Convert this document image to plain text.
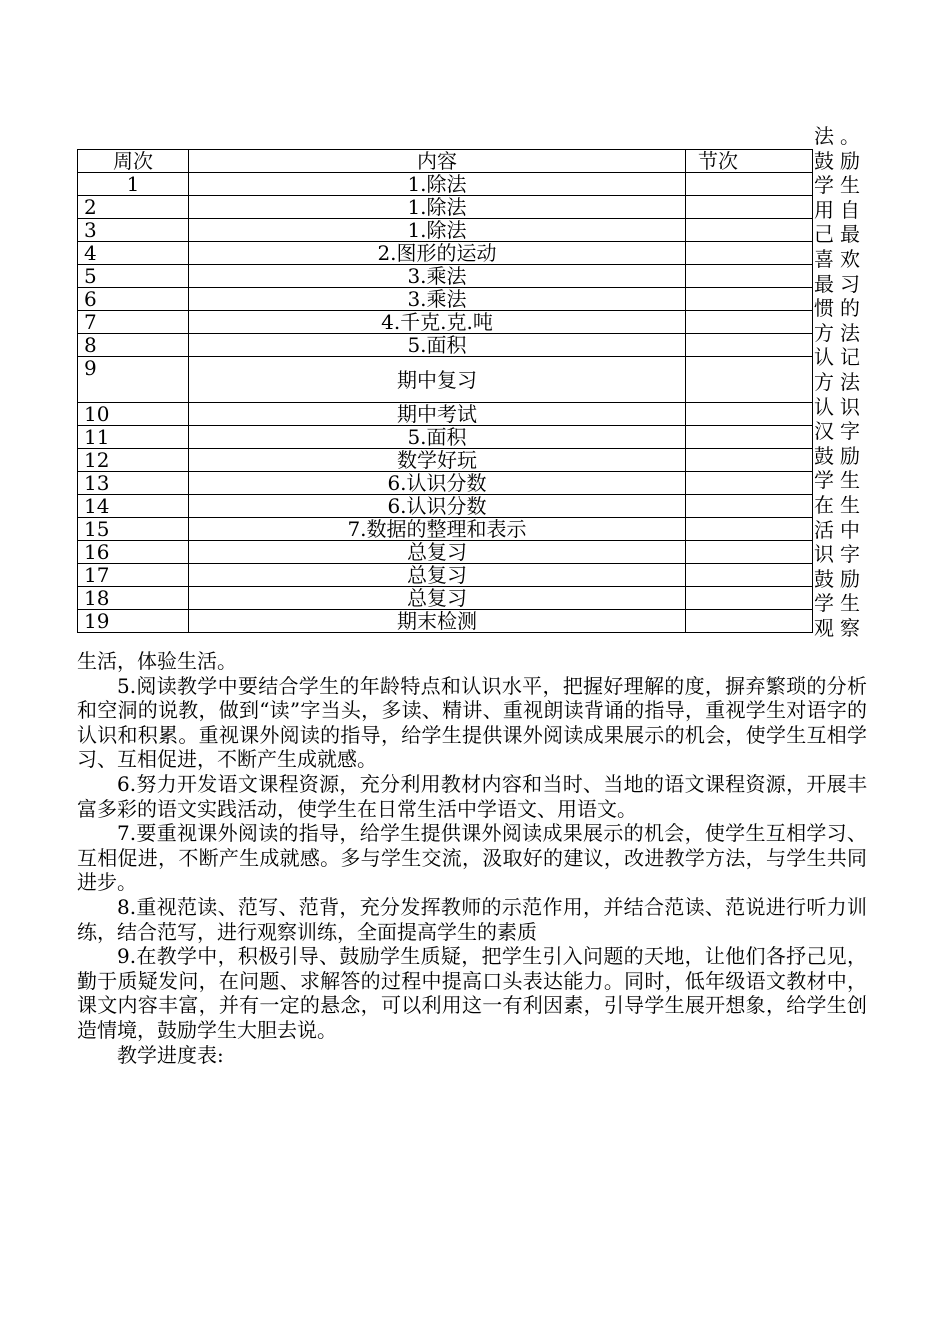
周次	内容	节次
1	1.除法	
2	1.除法	
3	1.除法	
4	2.图形的运动	
5	3.乘法	
6	3.乘法	
7	4.千克.克.吨	
8	5.面积	
9	期中复习	
10	期中考试	
11	5.面积	
12	数学好玩	
13	6.认识分数	
14	6.认识分数	
15	7.数据的整理和表示	
16	总复习	
17	总复习	
18	总复习	
19	期末检测	
法。鼓励学生用自己最喜欢最习惯的方法认记方法认识汉字鼓励学生在生活中识字鼓励学生观察

生活，体验生活。

5.阅读教学中要结合学生的年龄特点和认识水平，把握好理解的度，摒弃繁琐的分析和空洞的说教，做到“读”字当头，多读、精讲、重视朗读背诵的指导，重视学生对语字的认识和积累。重视课外阅读的指导，给学生提供课外阅读成果展示的机会，使学生互相学习、互相促进，不断产生成就感。

6.努力开发语文课程资源，充分利用教材内容和当时、当地的语文课程资源，开展丰富多彩的语文实践活动，使学生在日常生活中学语文、用语文。

7.要重视课外阅读的指导，给学生提供课外阅读成果展示的机会，使学生互相学习、互相促进，不断产生成就感。多与学生交流，汲取好的建议，改进教学方法，与学生共同进步。

8.重视范读、范写、范背，充分发挥教师的示范作用，并结合范读、范说进行听力训练，结合范写，进行观察训练，全面提高学生的素质

9.在教学中，积极引导、鼓励学生质疑，把学生引入问题的天地，让他们各抒己见，勤于质疑发问，在问题、求解答的过程中提高口头表达能力。同时，低年级语文教材中，课文内容丰富，并有一定的悬念，可以利用这一有利因素，引导学生展开想象，给学生创造情境，鼓励学生大胆去说。

教学进度表:
